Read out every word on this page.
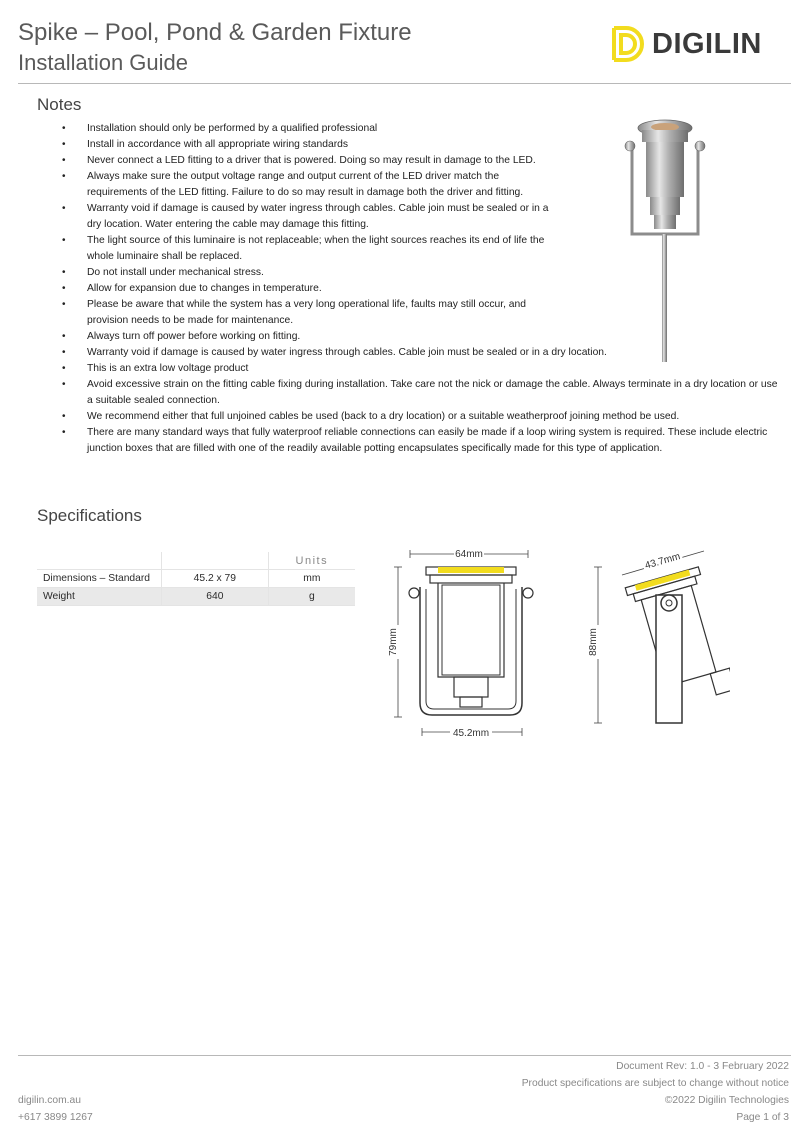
Spike – Pool, Pond & Garden Fixture
Installation Guide
DIGILIN
Notes
• Installation should only be performed by a qualified professional
• Install in accordance with all appropriate wiring standards
• Never connect a LED fitting to a driver that is powered. Doing so may result in damage to the LED.
• Always make sure the output voltage range and output current of the LED driver match the requirements of the LED fitting. Failure to do so may result in damage both the driver and fitting.
• Warranty void if damage is caused by water ingress through cables. Cable join must be sealed or in a dry location. Water entering the cable may damage this fitting.
• The light source of this luminaire is not replaceable; when the light sources reaches its end of life the whole luminaire shall be replaced.
• Do not install under mechanical stress.
• Allow for expansion due to changes in temperature.
• Please be aware that while the system has a very long operational life, faults may still occur, and provision needs to be made for maintenance.
• Always turn off power before working on fitting.
• Warranty void if damage is caused by water ingress through cables. Cable join must be sealed or in a dry location.
• This is an extra low voltage product
• Avoid excessive strain on the fitting cable fixing during installation. Take care not the nick or damage the cable. Always terminate in a dry location or use a suitable sealed connection.
• We recommend either that full unjoined cables be used (back to a dry location) or a suitable weatherproof joining method be used.
• There are many standard ways that fully waterproof reliable connections can easily be made if a loop wiring system is required. These include electric junction boxes that are filled with one of the readily available potting encapsulates specifically made for this type of application.
Specifications
		Units
Dimensions – Standard	45.2 x 79	mm
Weight	640	g
64mm
79mm
45.2mm
43.7mm
88mm
Document Rev: 1.0 - 3 February 2022
Product specifications are subject to change without notice
©2022 Digilin Technologies
Page 1 of 3
digilin.com.au
+617 3899 1267
